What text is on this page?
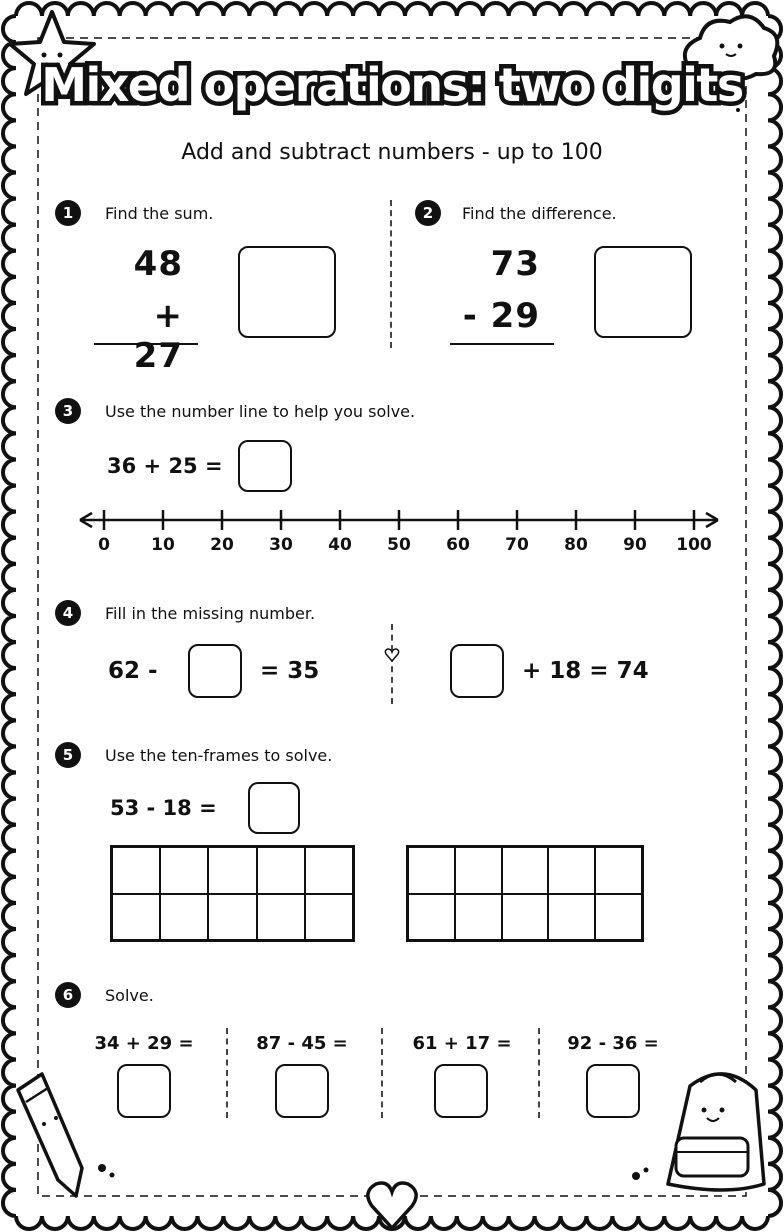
Mixed operations: two digits
Add and subtract numbers - up to 100
1	Find the sum.
48
+ 27
2	Find the difference.
73
- 29
3	Use the number line to help you solve.
36 + 25 =
0	10	20	30	40	50	60	70	80	90	100
4	Fill in the missing number.
62 -	= 35	+ 18 = 74
5	Use the ten-frames to solve.
53 - 18 =
6	Solve.
34 + 29 =	87 - 45 =	61 + 17 =	92 - 36 =
